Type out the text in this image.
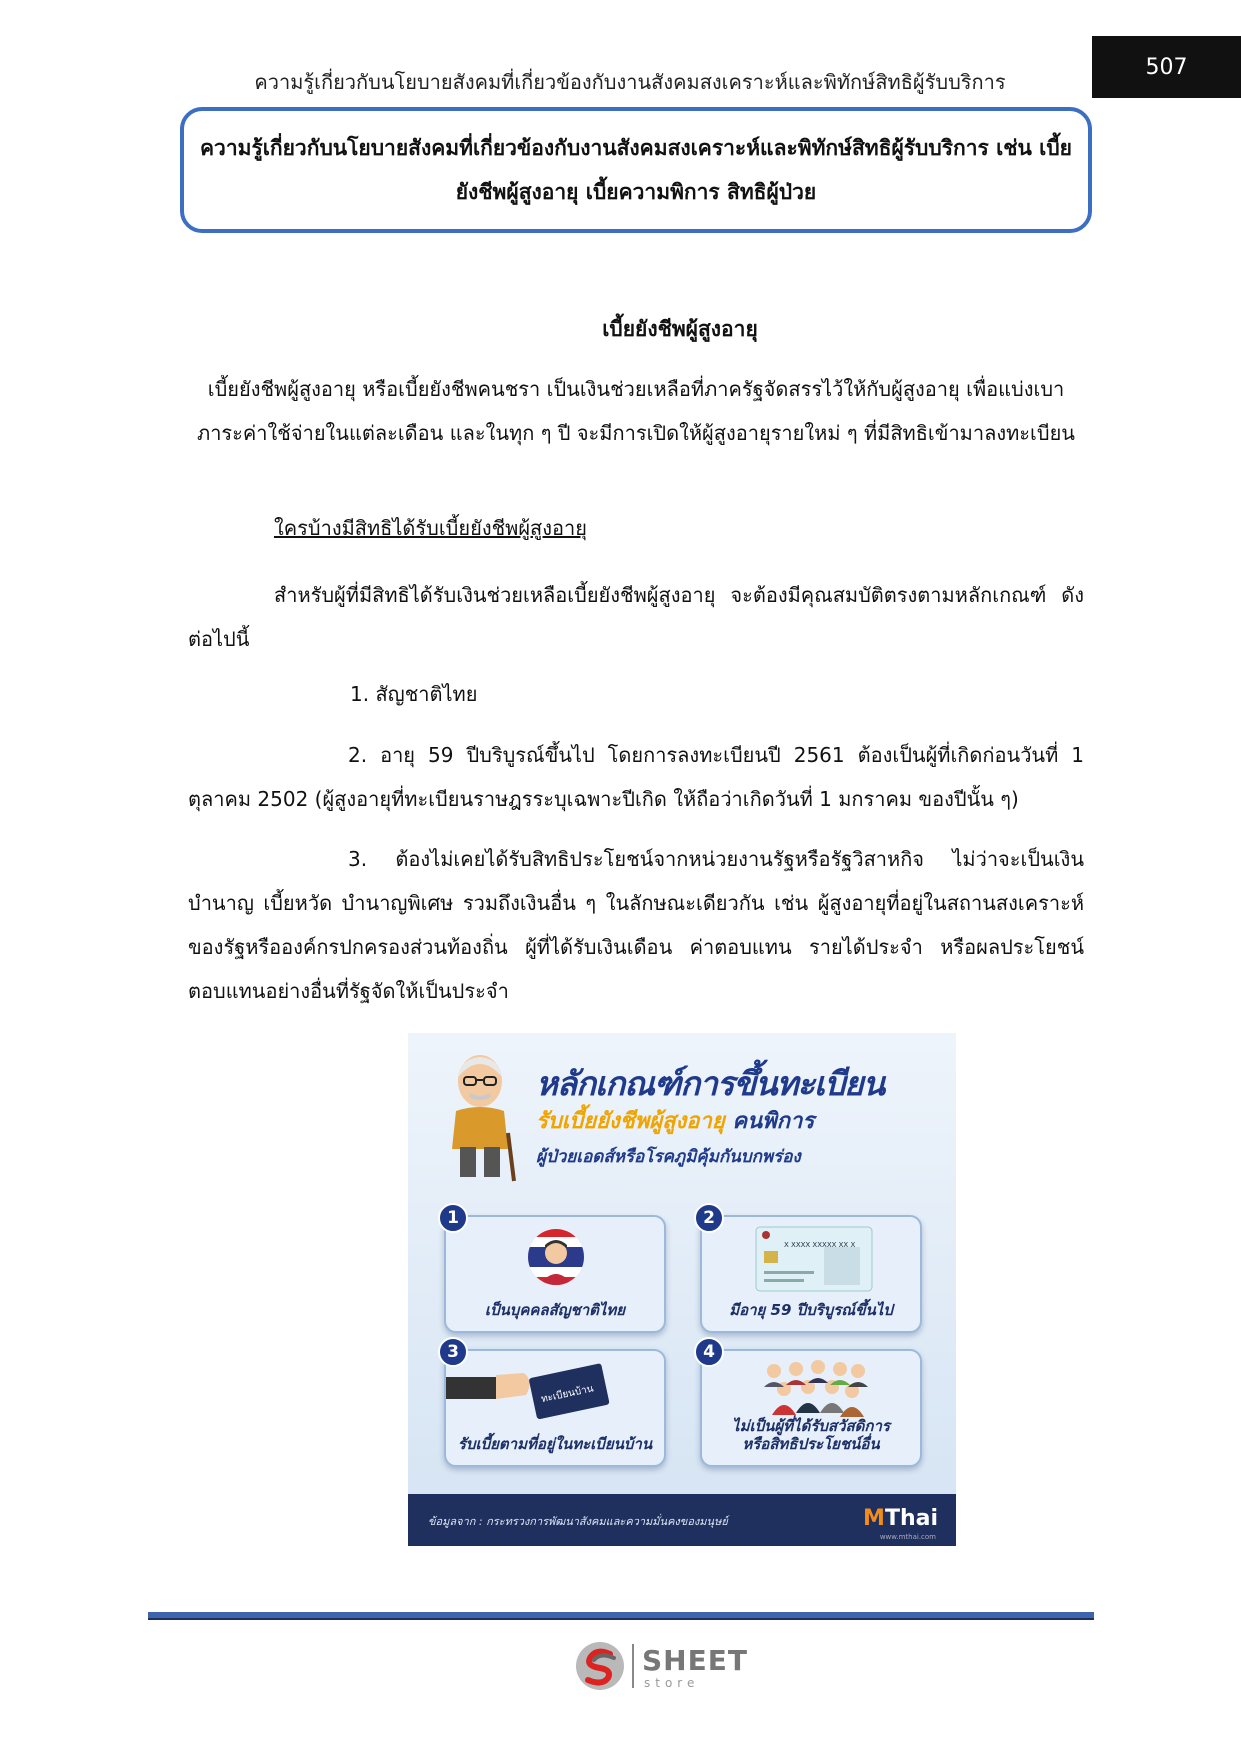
507
ความรู้เกี่ยวกับนโยบายสังคมที่เกี่ยวข้องกับงานสังคมสงเคราะห์และพิทักษ์สิทธิผู้รับบริการ
ความรู้เกี่ยวกับนโยบายสังคมที่เกี่ยวข้องกับงานสังคมสงเคราะห์และพิทักษ์สิทธิผู้รับบริการ เช่น เบี้ย
ยังชีพผู้สูงอายุ เบี้ยความพิการ สิทธิผู้ป่วย
เบี้ยยังชีพผู้สูงอายุ
เบี้ยยังชีพผู้สูงอายุ หรือเบี้ยยังชีพคนชรา เป็นเงินช่วยเหลือที่ภาครัฐจัดสรรไว้ให้กับผู้สูงอายุ เพื่อแบ่งเบาภาระค่าใช้จ่ายในแต่ละเดือน และในทุก ๆ ปี จะมีการเปิดให้ผู้สูงอายุรายใหม่ ๆ ที่มีสิทธิเข้ามาลงทะเบียน
ใครบ้างมีสิทธิได้รับเบี้ยยังชีพผู้สูงอายุ
สำหรับผู้ที่มีสิทธิได้รับเงินช่วยเหลือเบี้ยยังชีพผู้สูงอายุ จะต้องมีคุณสมบัติตรงตามหลักเกณฑ์ ดังต่อไปนี้
1. สัญชาติไทย
2. อายุ 59 ปีบริบูรณ์ขึ้นไป โดยการลงทะเบียนปี 2561 ต้องเป็นผู้ที่เกิดก่อนวันที่ 1 ตุลาคม 2502 (ผู้สูงอายุที่ทะเบียนราษฎรระบุเฉพาะปีเกิด ให้ถือว่าเกิดวันที่ 1 มกราคม ของปีนั้น ๆ)
3. ต้องไม่เคยได้รับสิทธิประโยชน์จากหน่วยงานรัฐหรือรัฐวิสาหกิจ ไม่ว่าจะเป็นเงินบำนาญ เบี้ยหวัด บำนาญพิเศษ รวมถึงเงินอื่น ๆ ในลักษณะเดียวกัน เช่น ผู้สูงอายุที่อยู่ในสถานสงเคราะห์ของรัฐหรือองค์กรปกครองส่วนท้องถิ่น ผู้ที่ได้รับเงินเดือน ค่าตอบแทน รายได้ประจำ หรือผลประโยชน์ตอบแทนอย่างอื่นที่รัฐจัดให้เป็นประจำ
หลักเกณฑ์การขึ้นทะเบียน
รับเบี้ยยังชีพผู้สูงอายุ คนพิการ
ผู้ป่วยเอดส์หรือโรคภูมิคุ้มกันบกพร่อง
เป็นบุคคลสัญชาติไทย
1
X XXXX XXXXX XX X
มีอายุ 59 ปีบริบูรณ์ขึ้นไป
2
ทะเบียนบ้าน
รับเบี้ยตามที่อยู่ในทะเบียนบ้าน
3
ไม่เป็นผู้ที่ได้รับสวัสดิการ
หรือสิทธิประโยชน์อื่น
4
ข้อมูลจาก : กระทรวงการพัฒนาสังคมและความมั่นคงของมนุษย์	MThai
www.mthai.com
SHEET
store
